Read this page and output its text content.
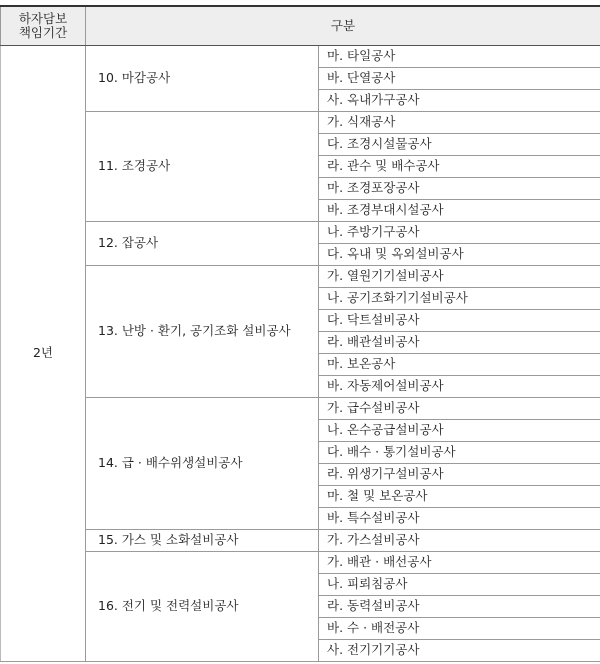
하자담보
책임기간	구분	
2년	10. 마감공사	마. 타일공사
		바. 단열공사
		사. 옥내가구공사
	11. 조경공사	가. 식재공사
		다. 조경시설물공사
		라. 관수 및 배수공사
		마. 조경포장공사
		바. 조경부대시설공사
	12. 잡공사	나. 주방기구공사
		다. 옥내 및 옥외설비공사
	13. 난방 · 환기, 공기조화 설비공사	가. 열원기기설비공사
		나. 공기조화기기설비공사
		다. 닥트설비공사
		라. 배관설비공사
		마. 보온공사
		바. 자동제어설비공사
	14. 급 · 배수위생설비공사	가. 급수설비공사
		나. 온수공급설비공사
		다. 배수 · 통기설비공사
		라. 위생기구설비공사
		마. 철 및 보온공사
		바. 특수설비공사
	15. 가스 및 소화설비공사	가. 가스설비공사
	16. 전기 및 전력설비공사	가. 배관 · 배선공사
		나. 피뢰침공사
		라. 동력설비공사
		바. 수 · 배전공사
		사. 전기기기공사
